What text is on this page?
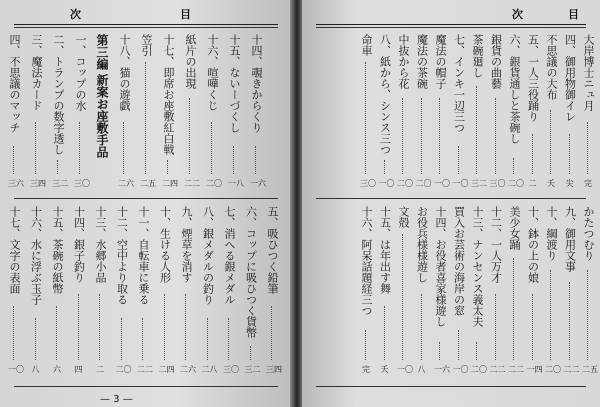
次	目
四、不思議のマッチ
三六
三、魔法カード
三四
二、トランプの数字透し
三二
一、コップの水
三〇
第三編 新案お座敷手品 十八、猫の遊戯
二六
笠引
二五
十七、即席お座敷紅白戦
二四
紙片の出現
二二
十六、喧嘩くじ
二〇
十五、ないーづくし
一八
十四、覗きからくり
一六
十七、文字の表面
一〇
十六、水に浮ぶ玉子
八
十五、茶碗の紙幣
六
十四、銀子釣り
四
十三、水郷小品
二
十二、空中より取る
二〇
十一、自転車に乗る
二二
十、生ける人形
二四
九、煙草を消す
二六
八、銀メダルの釣り
二八
七、消へる銀メダル
三〇
六、コップに吸ひつく貨幣
三二
五、吸ひつく鉛筆
三四
— 3 —
次	目
大岸博士ニュ月
完
四、御用物御イレ
尖
不思議の大布
夭
五、一人三役踊り
二
六、銀貨通しと茶碗し
二〇
銀貨の曲藝
三〇
茶碗廻し
三二
七、インキ一辺三つ
一〇
魔法の帽子
一〇
魔法の茶碗
二〇
中抜から花
二〇
八、紙から、シンス三つ
一〇
命車
三〇
かたつむり
二五
九、御用文事
二二
十、綱渡り
二〇
十、鉢の上の娘
一四
美少女踊
二二
十二、一人万才
二二
十三、ナンセンス義太夫
二〇
買入お芸術の海岸の窓
一〇
十四、お役者喜家様遊し
一六
お役兵様様遊し
八
文殻
一〇
十五、は年出す舞
夭
十六、阿呆話題経三つ
完
